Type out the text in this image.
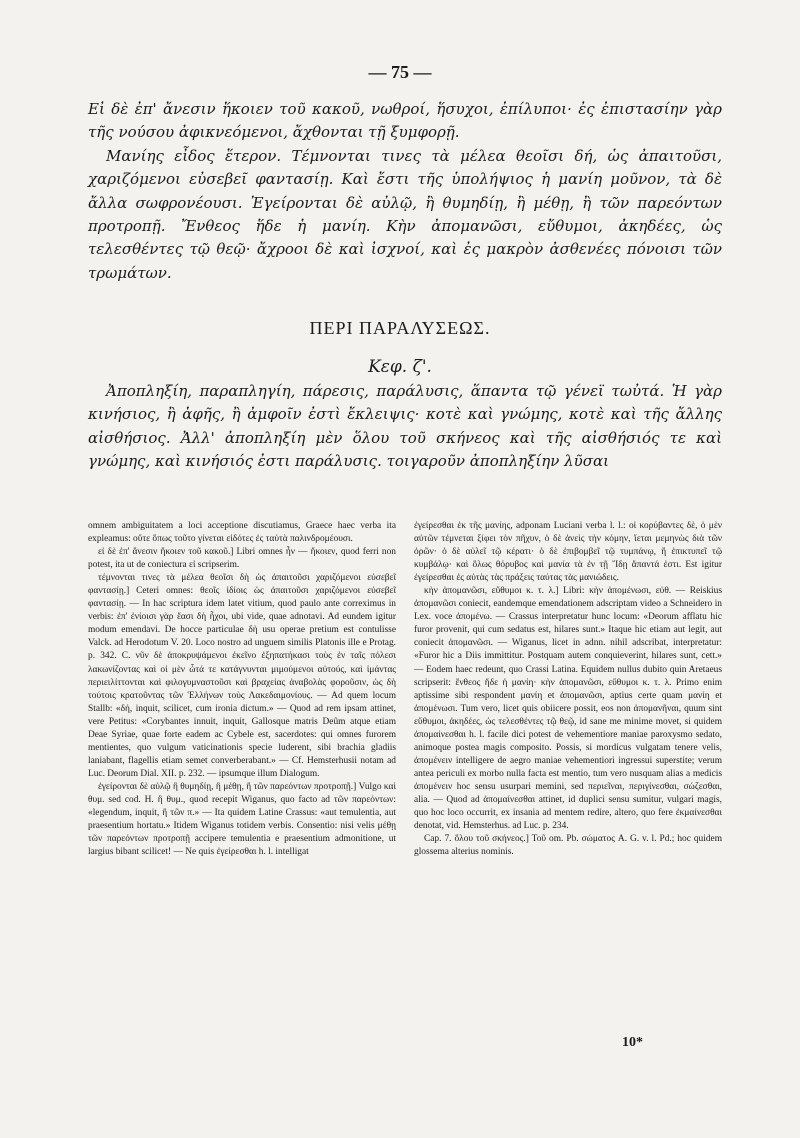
— 75 —

Εἰ δὲ ἐπ' ἄνεσιν ἥκοιεν τοῦ κακοῦ, νωθροί, ἥσυχοι, ἐπίλυποι· ἐς ἐπιστασίην γὰρ τῆς νούσου ἀφικνεόμενοι, ἄχθονται τῇ ξυμφορῇ.

Μανίης εἶδος ἕτερον. Τέμνονται τινες τὰ μέλεα θεοῖσι δή, ὡς ἀπαιτοῦσι, χαριζόμενοι εὐσεβεῖ φαντασίῃ. Καὶ ἔστι τῆς ὑπολήψιος ἡ μανίη μοῦνον, τὰ δὲ ἄλλα σωφρονέουσι. Ἐγείρονται δὲ αὐλῷ, ἢ θυμηδίῃ, ἢ μέθῃ, ἢ τῶν παρεόντων προτροπῇ. Ἔνθεος ἥδε ἡ μανίη. Κὴν ἀπομανῶσι, εὔθυμοι, ἀκηδέες, ὡς τελεσθέντες τῷ θεῷ· ἄχροοι δὲ καὶ ἰσχνοί, καὶ ἐς μακρὸν ἀσθενέες πόνοισι τῶν τρωμάτων.

ΠΕΡΙ ΠΑΡΑΛΥΣΕΩΣ.
Κεφ. ζ'.

Ἀποπληξίη, παραπληγίη, πάρεσις, παράλυσις, ἅπαντα τῷ γένεϊ τωὐτά. Ἡ γὰρ κινήσιος, ἢ ἁφῆς, ἢ ἀμφοῖν ἐστὶ ἔκλειψις· κοτὲ καὶ γνώμης, κοτὲ καὶ τῆς ἄλλης αἰσθήσιος. Ἀλλ' ἀποπληξίη μὲν ὅλου τοῦ σκήνεος καὶ τῆς αἰσθήσιός τε καὶ γνώμης, καὶ κινήσιός ἐστι παράλυσις. τοιγαροῦν ἀποπληξίην λῦσαι

omnem ambiguitatem a loci acceptione discutiamus, Graece haec verba ita expleamus: οὔτε ὅπως τοῦτο γίνεται εἰδότες ἐς ταὐτὰ παλινδρομέουσι.

εἰ δὲ ἐπ' ἄνεσιν ἥκοιεν τοῦ κακοῦ.] Libri omnes ἦν — ἥκοιεν, quod ferri non potest, ita ut de coniectura εἰ scripserim.

τέμνονται τινες τὰ μέλεα θεοῖσι δὴ ὡς ἀπαιτοῦσι χαριζόμενοι εὐσεβεῖ φαντασίῃ.] Ceteri omnes: θεοῖς ἰδίοις ὡς ἀπαιτοῦσι χαριζόμενοι εὐσεβεῖ φαντασίῃ. — In hac scriptura idem latet vitium, quod paulo ante correximus in verbis: ἐπ' ἐνίοισι γὰρ ἔασι δὴ ἧχοι, ubi vide, quae adnotavi. Ad eundem igitur modum emendavi. De hocce particulae δὴ usu operae pretium est contulisse Valck. ad Herodotum V. 20. Loco nostro ad unguem similis Platonis ille e Protag. p. 342. C. νῦν δὲ ἀποκρυψάμενοι ἐκεῖνο ἐξηπατήκασι τοὺς ἐν ταῖς πόλεσι λακωνίζοντας καὶ οἱ μὲν ὦτά τε κατάγνυνται μιμούμενοι αὐτούς, καὶ ἱμάντας περιειλίττονται καὶ φιλογυμναστοῦσι καὶ βραχείας ἀναβολὰς φοροῦσιν, ὡς δὴ τούτοις κρατοῦντας τῶν Ἑλλήνων τοὺς Λακεδαιμονίους. — Ad quem locum Stallb: «δή, inquit, scilicet, cum ironia dictum.» — Quod ad rem ipsam attinet, vere Petitus: «Corybantes innuit, inquit, Gallosque matris Deûm atque etiam Deae Syriae, quae forte eadem ac Cybele est, sacerdotes: qui omnes furorem mentientes, quo vulgum vaticinationis specie luderent, sibi brachia gladiis laniabant, flagellis etiam semet converberabant.» — Cf. Hemsterhusii notam ad Luc. Deorum Dial. XII. p. 232. — ipsumque illum Dialogum.

ἐγείρονται δὲ αὐλῷ ἢ θυμηδίῃ, ἢ μέθῃ, ἢ τῶν παρεόντων προτροπῇ.] Vulgo καὶ θυμ. sed cod. H. ἢ θυμ., quod recepit Wiganus, quo facto ad τῶν παρεόντων: «legendum, inquit, ἢ τῶν π.» — Ita quidem Latine Crassus: «aut temulentia, aut praesentium hortatu.» Itidem Wiganus totidem verbis. Consentio: nisi velis μέθῃ τῶν παρεόντων προτροπῇ accipere temulentia e praesentium admonitione, ut largius bibant scilicet! — Ne quis ἐγείρεσθαι h. l. intelligat

ἐγείρεσθαι ἐκ τῆς μανίης, adponam Luciani verba l. l.: οἱ κορύβαντες δὲ, ὁ μὲν αὐτῶν τέμνεται ξίφει τὸν πῆχυν, ὁ δὲ ἀνεὶς τὴν κόμην, ἵεται μεμηνὼς διὰ τῶν ὀρῶν· ὁ δὲ αὐλεῖ τῷ κέρατι· ὁ δὲ ἐπιβομβεῖ τῷ τυμπάνῳ, ἢ ἐπικτυπεῖ τῷ κυμβάλῳ· καὶ ὅλως θόρυβος καὶ μανία τὰ ἐν τῇ Ἴδῃ ἅπαντά ἐστι. Est igitur ἐγείρεσθαι ἐς αὐτὰς τὰς πράξεις ταύτας τὰς μανιώδεις.

κὴν ἀπομανῶσι, εὔθυμοι κ. τ. λ.] Libri: κὴν ἀπομένωσι, εὐθ. — Reiskius ἀπομανῶσι coniecit, eandemque emendationem adscriptam video a Schneidero in Lex. voce ἀπομένω. — Crassus interpretatur hunc locum: «Deorum afflatu hic furor provenit, qui cum sedatus est, hilares sunt.» Itaque hic etiam aut legit, aut coniecit ἀπομανῶσι. — Wiganus, licet in adnn. nihil adscribat, interpretatur: «Furor hic a Diis immittitur. Postquam autem conquieverint, hilares sunt, cett.» — Eodem haec redeunt, quo Crassi Latina. Equidem nullus dubito quin Aretaeus scripserit: ἔνθεος ἥδε ἡ μανίη· κὴν ἀπομανῶσι, εὔθυμοι κ. τ. λ. Primo enim aptissime sibi respondent μανίη et ἀπομανῶσι, aptius certe quam μανίη et ἀπομένωσι. Tum vero, licet quis obiicere possit, eos non ἀπομανῆναι, quum sint εὔθυμοι, ἀκηδέες, ὡς τελεσθέντες τῷ θεῷ, id sane me minime movet, si quidem ἀπομαίνεσθαι h. l. facile dici potest de vehementiore maniae paroxysmo sedato, animoque postea magis composito. Possis, si mordicus vulgatam tenere velis, ἀπομένειν intelligere de aegro maniae vehementiori ingressui superstite; verum antea periculi ex morbo nulla facta est mentio, tum vero nusquam alias a medicis ἀπομένειν hoc sensu usurpari memini, sed περιεῖναι, περιγίνεσθαι, σώζεσθαι, alia. — Quod ad ἀπομαίνεσθαι attinet, id duplici sensu sumitur, vulgari magis, quo hoc loco occurrit, ex insania ad mentem redire, altero, quo fere ἐκμαίνεσθαι denotat, vid. Hemsterhus. ad Luc. p. 234.

Cap. 7. ὅλου τοῦ σκήνεος.] Τοῦ om. Pb. σώματος A. G. v. l. Pd.; hoc quidem glossema alterius nominis.

10*
